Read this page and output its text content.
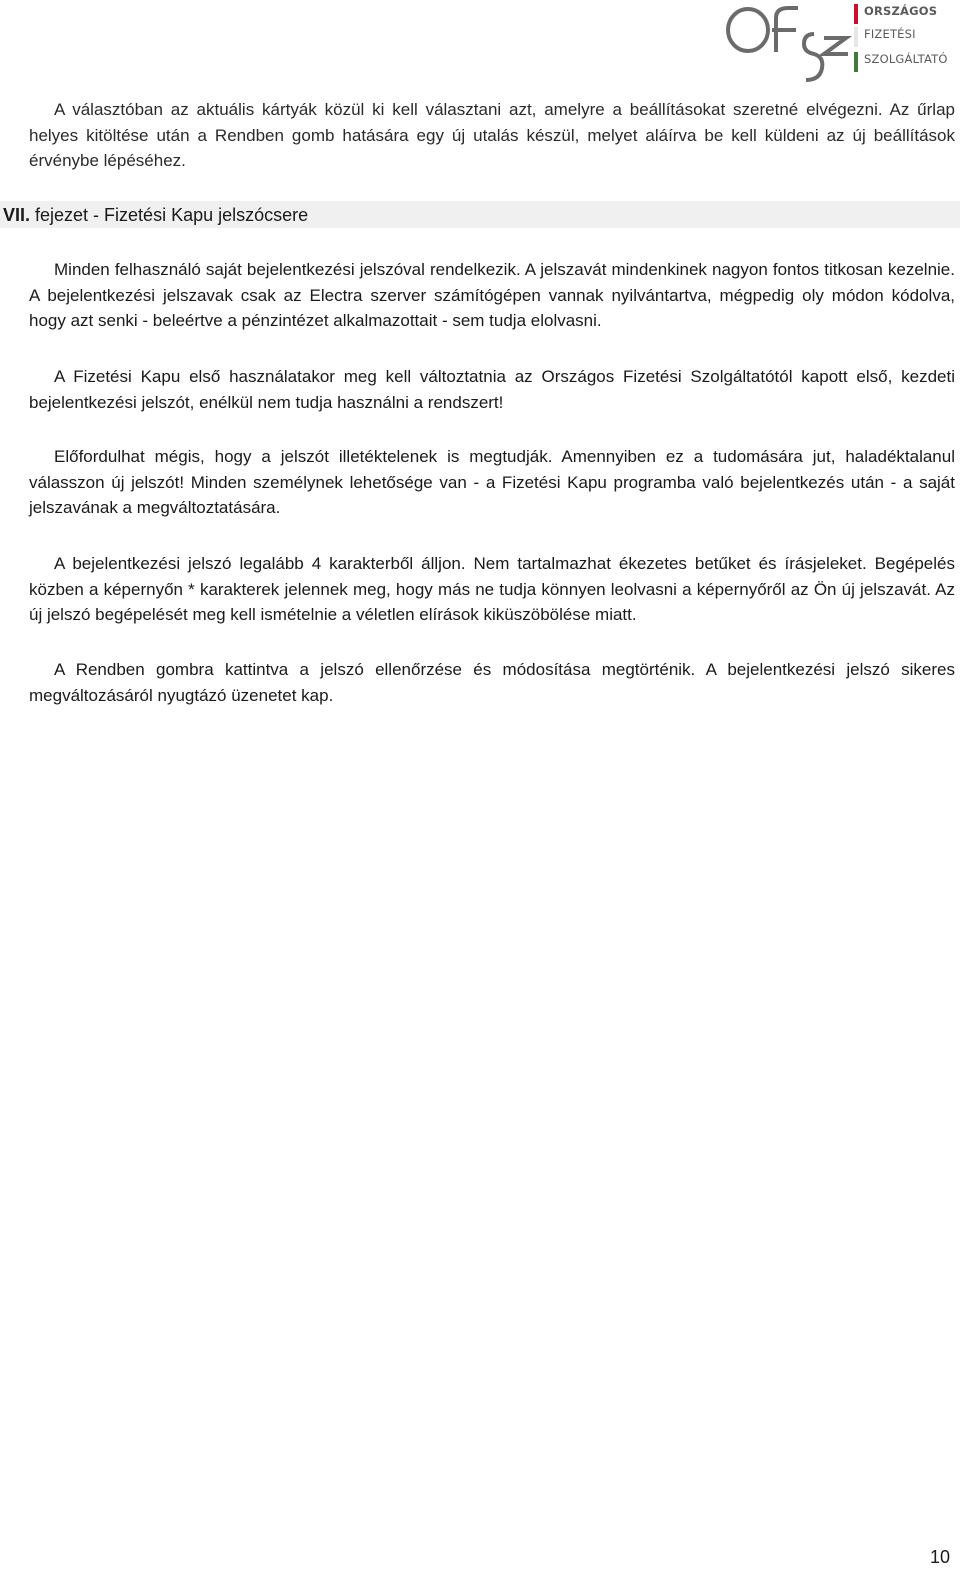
ORSZÁGOS
FIZETÉSI
SZOLGÁLTATÓ

A választóban az aktuális kártyák közül ki kell választani azt, amelyre a beállításokat szeretné elvégezni. Az űrlap helyes kitöltése után a Rendben gomb hatására egy új utalás készül, melyet aláírva be kell küldeni az új beállítások érvénybe lépéséhez.

VII. fejezet - Fizetési Kapu jelszócsere

Minden felhasználó saját bejelentkezési jelszóval rendelkezik. A jelszavát mindenkinek nagyon fontos titkosan kezelnie. A bejelentkezési jelszavak csak az Electra szerver számítógépen vannak nyilvántartva, mégpedig oly módon kódolva, hogy azt senki - beleértve a pénzintézet alkalmazottait - sem tudja elolvasni.

A Fizetési Kapu első használatakor meg kell változtatnia az Országos Fizetési Szolgáltatótól kapott első, kezdeti bejelentkezési jelszót, enélkül nem tudja használni a rendszert!

Előfordulhat mégis, hogy a jelszót illetéktelenek is megtudják. Amennyiben ez a tudomására jut, haladéktalanul válasszon új jelszót! Minden személynek lehetősége van - a Fizetési Kapu programba való bejelentkezés után - a saját jelszavának a megváltoztatására.

A bejelentkezési jelszó legalább 4 karakterből álljon. Nem tartalmazhat ékezetes betűket és írásjeleket. Begépelés közben a képernyőn * karakterek jelennek meg, hogy más ne tudja könnyen leolvasni a képernyőről az Ön új jelszavát. Az új jelszó begépelését meg kell ismételnie a véletlen elírások kiküszöbölése miatt.

A Rendben gombra kattintva a jelszó ellenőrzése és módosítása megtörténik. A bejelentkezési jelszó sikeres megváltozásáról nyugtázó üzenetet kap.

10
